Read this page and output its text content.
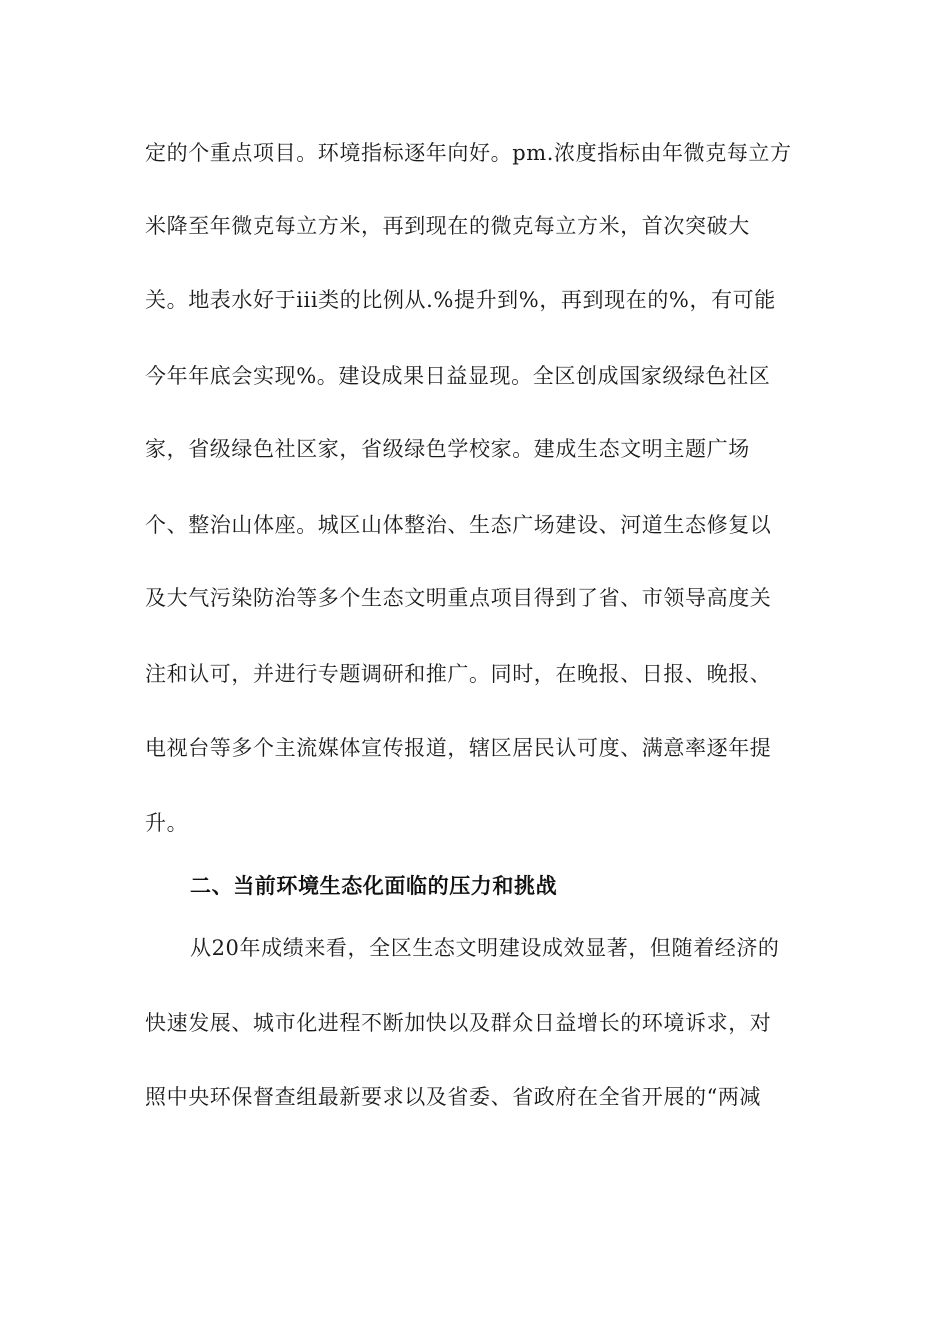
定的个重点项目。环境指标逐年向好。pm.浓度指标由年微克每立方
米降至年微克每立方米，再到现在的微克每立方米，首次突破大
关。地表水好于iii类的比例从.%提升到%，再到现在的%，有可能
今年年底会实现%。建设成果日益显现。全区创成国家级绿色社区
家，省级绿色社区家，省级绿色学校家。建成生态文明主题广场
个、整治山体座。城区山体整治、生态广场建设、河道生态修复以
及大气污染防治等多个生态文明重点项目得到了省、市领导高度关
注和认可，并进行专题调研和推广。同时，在晚报、日报、晚报、
电视台等多个主流媒体宣传报道，辖区居民认可度、满意率逐年提
升。
二、当前环境生态化面临的压力和挑战
从20年成绩来看，全区生态文明建设成效显著，但随着经济的
快速发展、城市化进程不断加快以及群众日益增长的环境诉求，对
照中央环保督查组最新要求以及省委、省政府在全省开展的“两减
